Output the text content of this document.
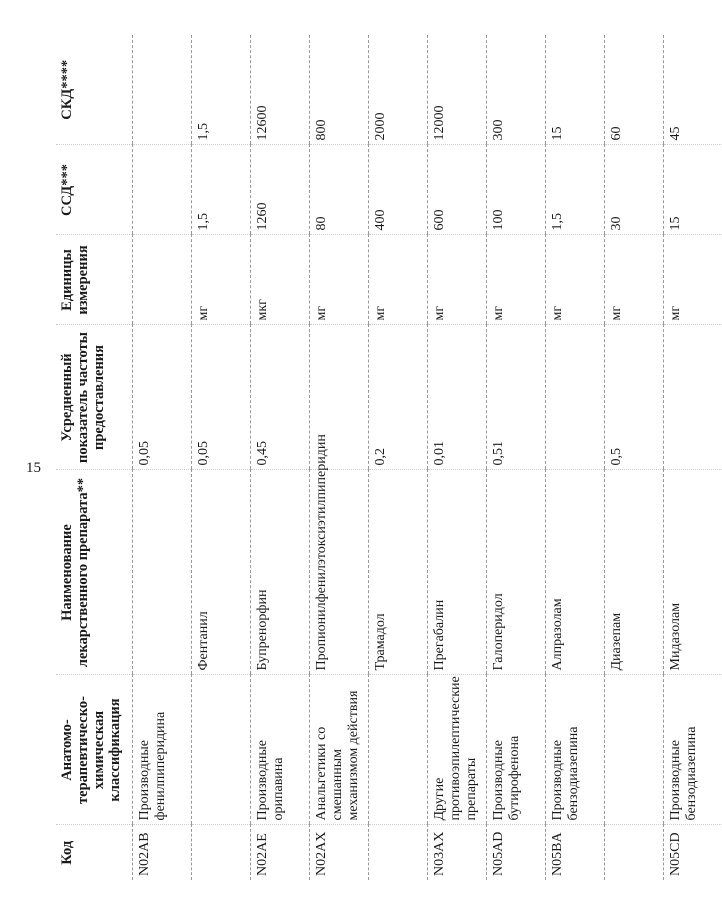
15
Код	Анатомо-терапевтическо-химическая классификация	Наименование лекарственного препарата**	Усредненный показатель частоты предоставления	Единицы измерения	ССД***	СКД****
N02AB	Производные фенилпиперидина		0,05			
		Фентанил	0,05	мг	1,5	1,5
N02AE	Производные орипавина	Бупренорфин	0,45	мкг	1260	12600
N02AX	Анальгетики со смешанным механизмом действия	Пропионилфенилэтоксиэтилпиперидин		мг	80	800
		Трамадол	0,2	мг	400	2000
N03AX	Другие противоэпилептические препараты	Прегабалин	0,01	мг	600	12000
N05AD	Производные бутирофенона	Галоперидол	0,51	мг	100	300
N05BA	Производные бензодиазепина	Алпразолам		мг	1,5	15
		Диазепам	0,5	мг	30	60
N05CD	Производные бензодиазепина	Мидазолам		мг	15	45
